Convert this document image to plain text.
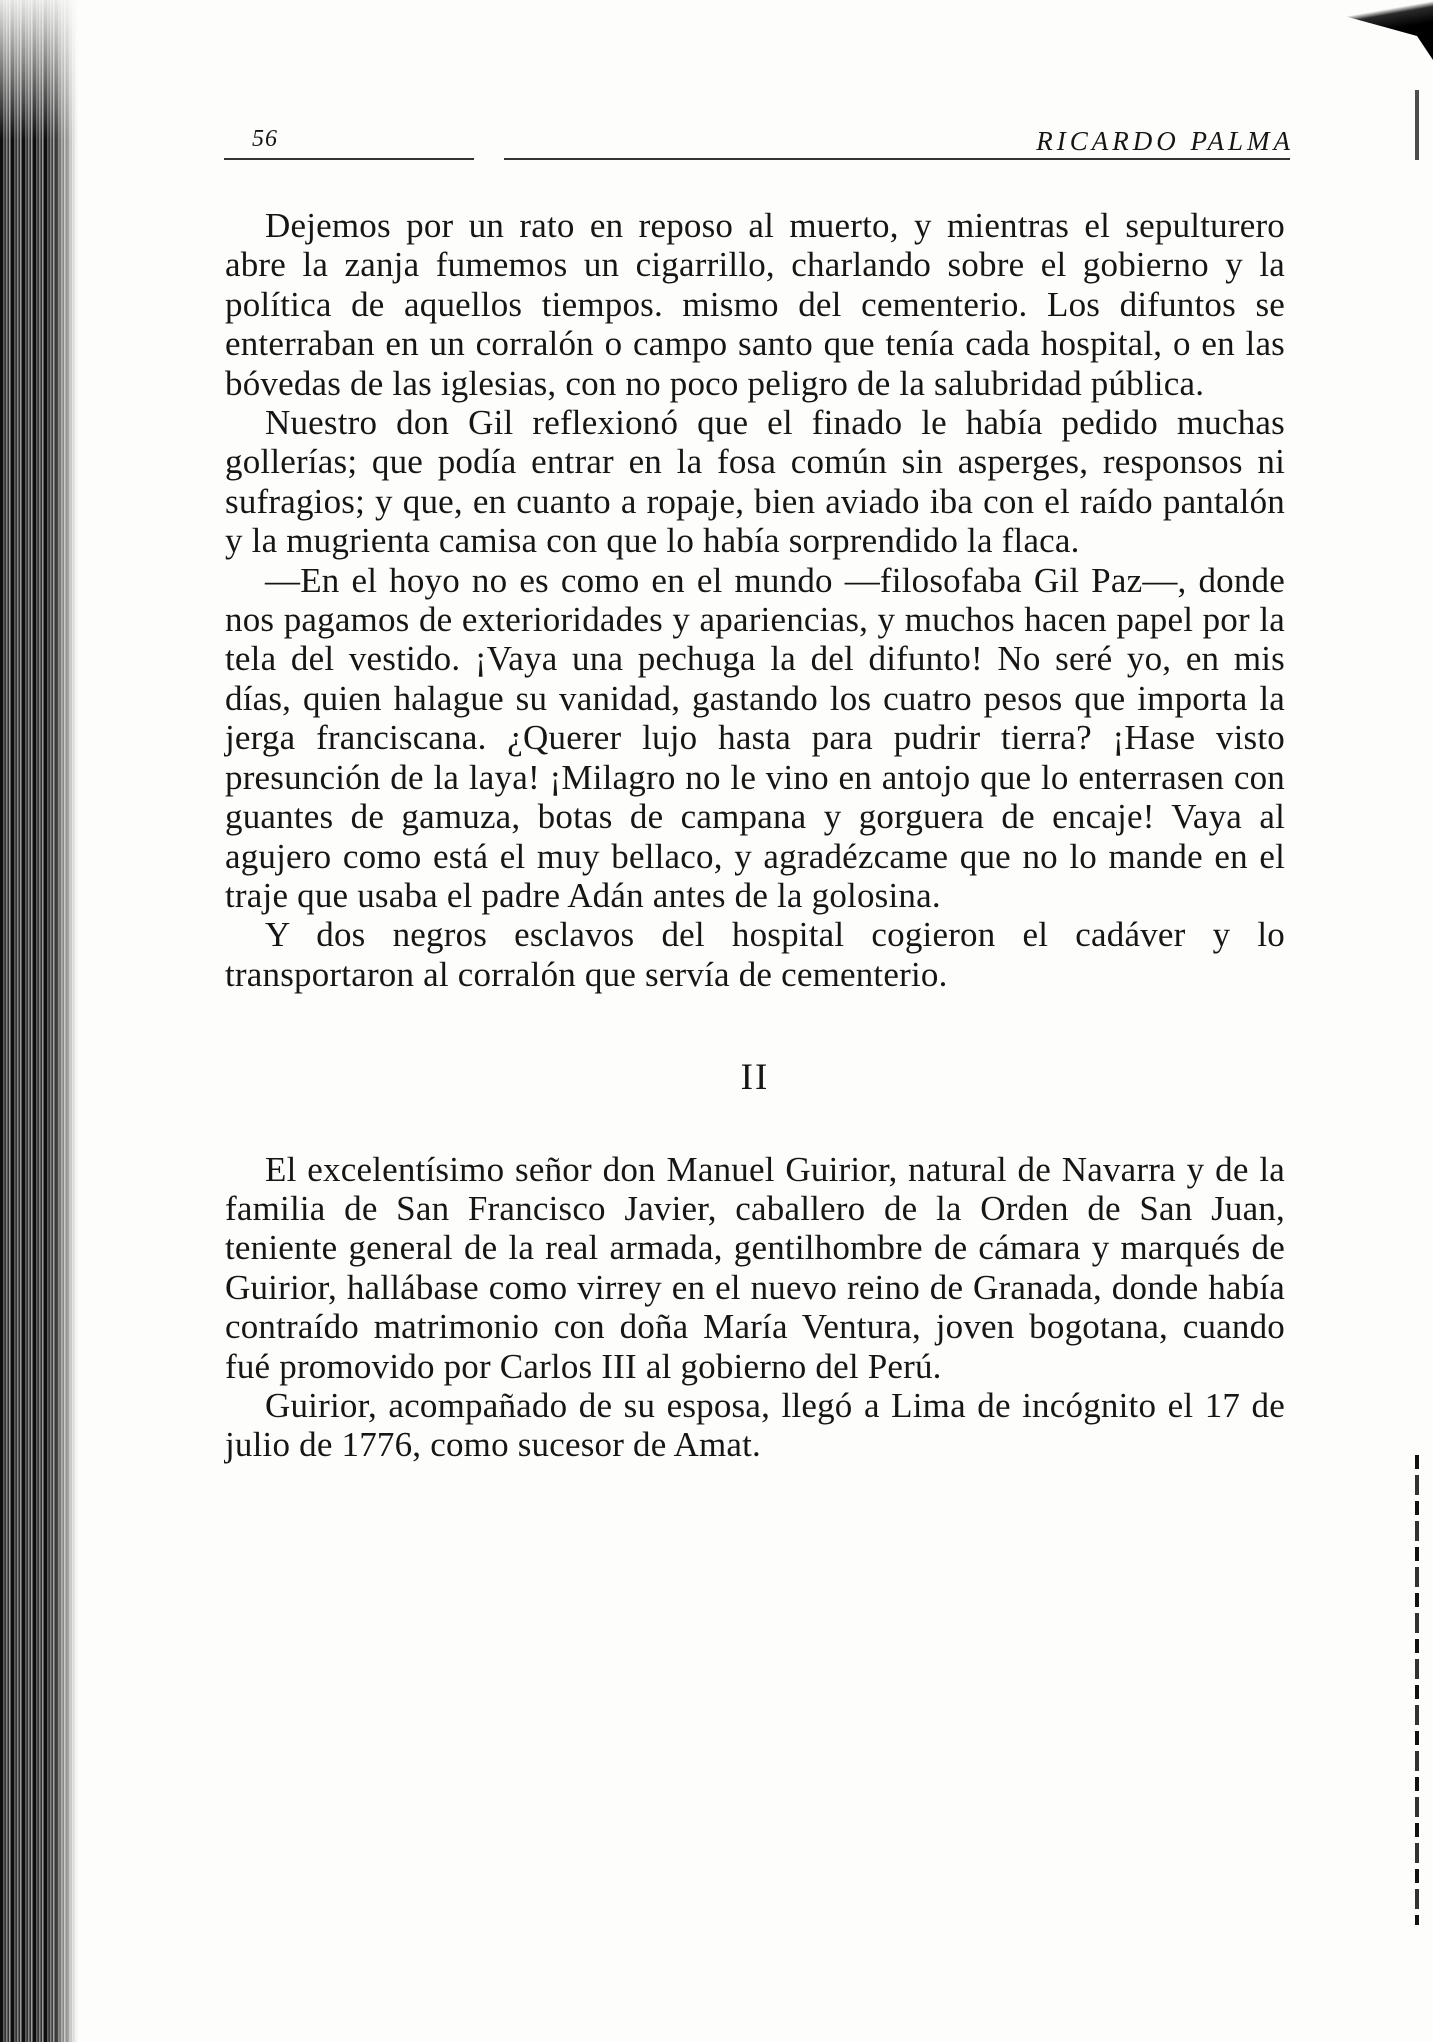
56	RICARDO PALMA

Dejemos por un rato en reposo al muerto, y mientras el sepulturero abre la zanja fumemos un cigarrillo, charlando sobre el gobierno y la política de aquellos tiempos. mismo del cementerio. Los difuntos se enterraban en un corralón o campo santo que tenía cada hospital, o en las bóvedas de las iglesias, con no poco peligro de la salubridad pública.

Nuestro don Gil reflexionó que el finado le había pedido muchas gollerías; que podía entrar en la fosa común sin asperges, responsos ni sufragios; y que, en cuanto a ropaje, bien aviado iba con el raído pantalón y la mugrienta camisa con que lo había sorprendido la flaca.

—En el hoyo no es como en el mundo —filosofaba Gil Paz—, donde nos pagamos de exterioridades y apariencias, y muchos hacen papel por la tela del vestido. ¡Vaya una pechuga la del difunto! No seré yo, en mis días, quien halague su vanidad, gastando los cuatro pesos que importa la jerga franciscana. ¿Querer lujo hasta para pudrir tierra? ¡Hase visto presunción de la laya! ¡Milagro no le vino en antojo que lo enterrasen con guantes de gamuza, botas de campana y gorguera de encaje! Vaya al agujero como está el muy bellaco, y agradézcame que no lo mande en el traje que usaba el padre Adán antes de la golosina.

Y dos negros esclavos del hospital cogieron el cadáver y lo transportaron al corralón que servía de cementerio.

II

El excelentísimo señor don Manuel Guirior, natural de Navarra y de la familia de San Francisco Javier, caballero de la Orden de San Juan, teniente general de la real armada, gentilhombre de cámara y marqués de Guirior, hallábase como virrey en el nuevo reino de Granada, donde había contraído matrimonio con doña María Ventura, joven bogotana, cuando fué promovido por Carlos III al gobierno del Perú.

Guirior, acompañado de su esposa, llegó a Lima de incógnito el 17 de julio de 1776, como sucesor de Amat.
